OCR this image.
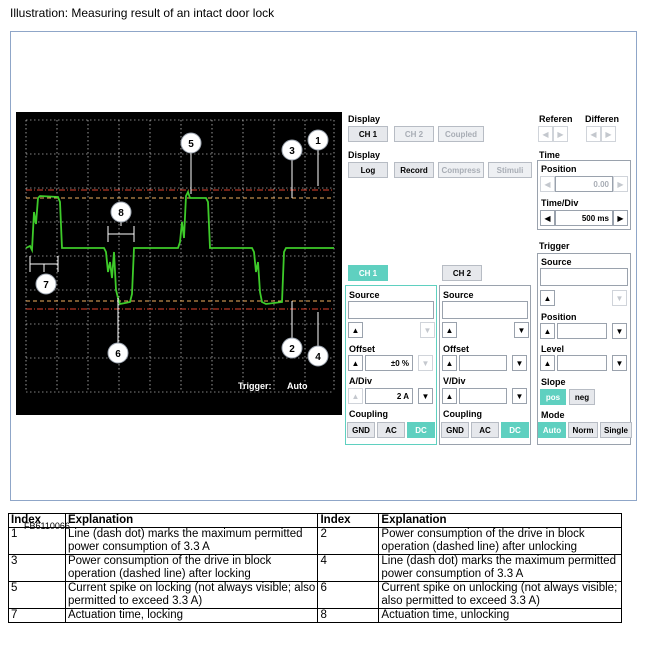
Illustration: Measuring result of an intact door lock
FB6110066
1
2
3
4
5
6
7
8
Trigger: Auto
Display
CH 1	CH 2	Coupled
Display
Log	Record	Compress	Stimuli
Referen Differen
◀	▶	◀	▶
Time
Position
◀	0.00	▶
Time/Div
◀	500 ms	▶
CH 1	CH 2
Source
▲	▼
Offset
▲	±0 %	▼
A/Div
▲	2 A	▼
Coupling
GND	AC	DC
Source
▲	▼
Offset
▲	▼
V/Div
▲	▼
Coupling
GND	AC	DC
Trigger
Source
▲	▼
Position
▲	▼
Level
▲	▼
Slope
pos	neg
Mode
Auto	Norm	Single
Index	Explanation	Index	Explanation
1	Line (dash dot) marks the maximum permitted power consumption of 3.3 A	2	Power consumption of the drive in block operation (dashed line) after unlocking
3	Power consumption of the drive in block operation (dashed line) after locking	4	Line (dash dot) marks the maximum permitted power consumption of 3.3 A
5	Current spike on locking (not always visible; also permitted to exceed 3.3 A)	6	Current spike on unlocking (not always visible; also permitted to exceed 3.3 A)
7	Actuation time, locking	8	Actuation time, unlocking
